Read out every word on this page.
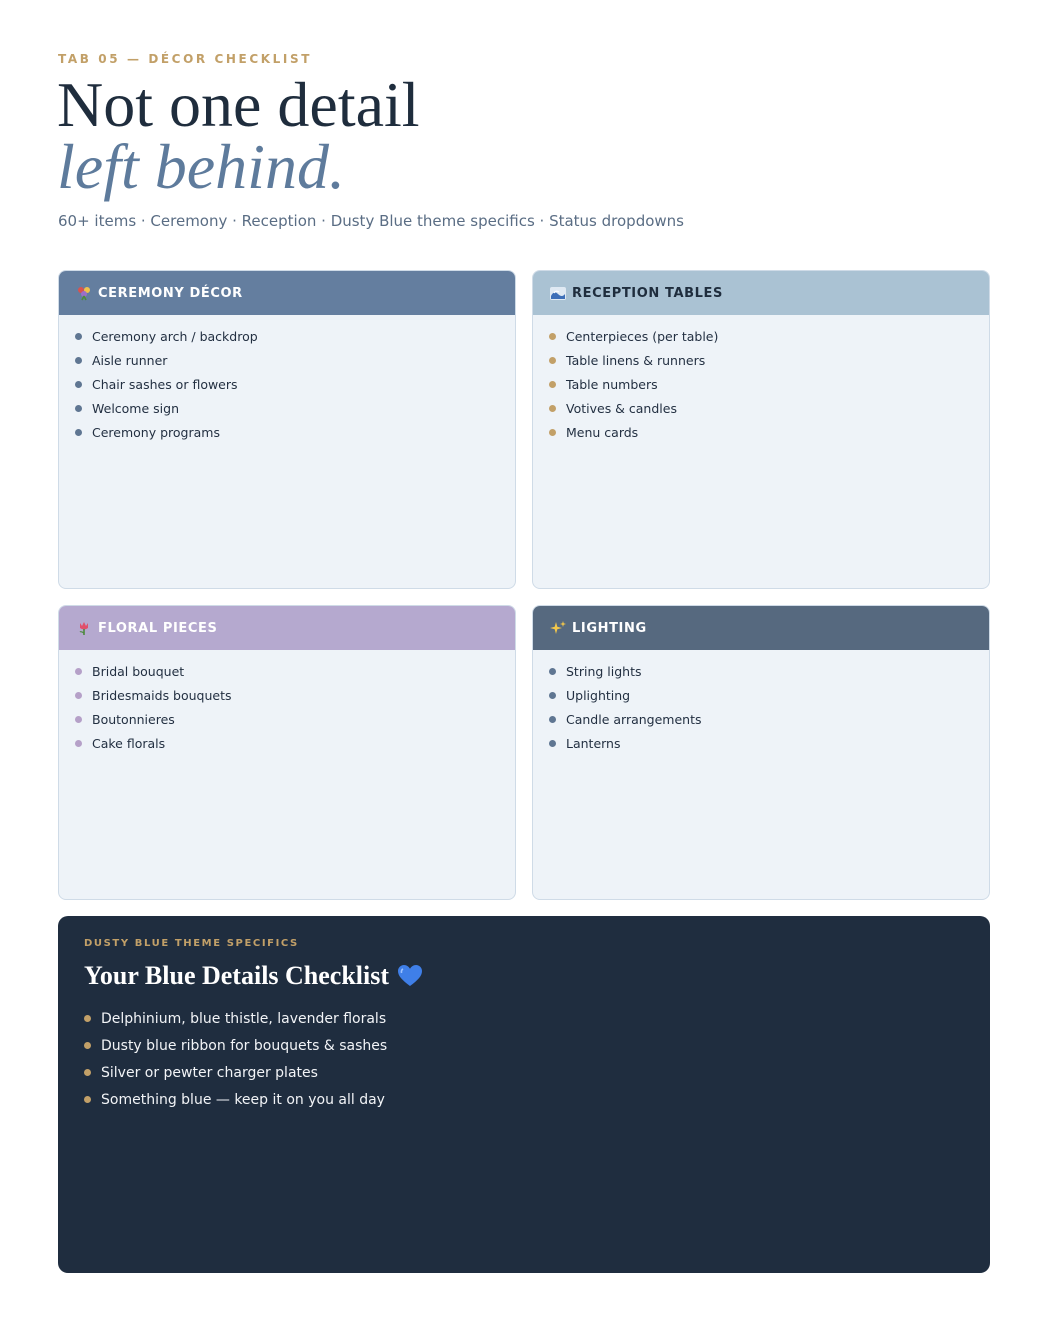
TAB 05 — DÉCOR CHECKLIST
Not one detail
left behind.
60+ items · Ceremony · Reception · Dusty Blue theme specifics · Status dropdowns
CEREMONY DÉCOR
Ceremony arch / backdrop
Aisle runner
Chair sashes or flowers
Welcome sign
Ceremony programs
RECEPTION TABLES
Centerpieces (per table)
Table linens & runners
Table numbers
Votives & candles
Menu cards
FLORAL PIECES
Bridal bouquet
Bridesmaids bouquets
Boutonnieres
Cake florals
LIGHTING
String lights
Uplighting
Candle arrangements
Lanterns
DUSTY BLUE THEME SPECIFICS
Your Blue Details Checklist
Delphinium, blue thistle, lavender florals
Dusty blue ribbon for bouquets & sashes
Silver or pewter charger plates
Something blue — keep it on you all day
